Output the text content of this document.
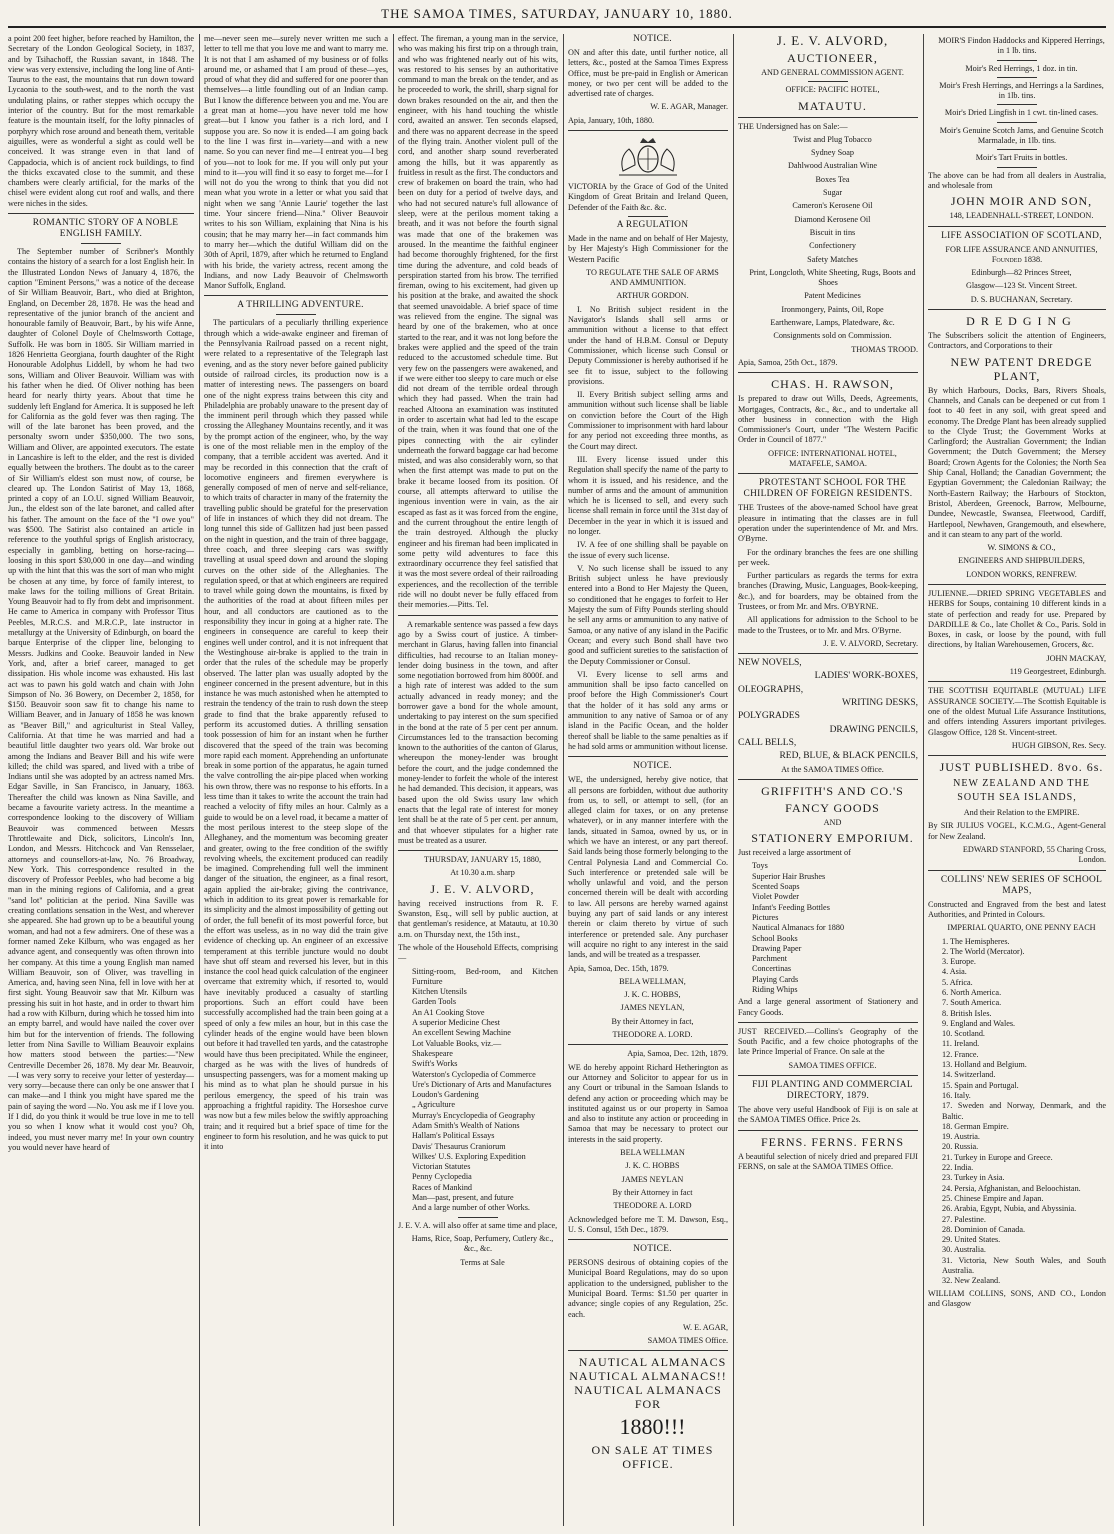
THE SAMOA TIMES, SATURDAY, JANUARY 10, 1880.

a point 200 feet higher, before reached by Hamilton, the Secretary of the London Geological Society, in 1837, and by Tsihachoff, the Russian savant, in 1848. The view was very extensive, including the long line of Anti-Taurus to the east, the mountains that run down toward Lycaonia to the south-west, and to the north the vast undulating plains, or rather steppes which occupy the interior of the country. But for the most remarkable feature is the mountain itself, for the lofty pinnacles of porphyry which rose around and beneath them, veritable aiguilles, were as wonderful a sight as could well be conceived. It was strange even in that land of Cappadocia, which is of ancient rock buildings, to find the thicks excavated close to the summit, and these chambers were clearly artificial, for the marks of the chisel were evident along cut roof and walls, and there were niches in the sides.

ROMANTIC STORY OF A NOBLE ENGLISH FAMILY.

The September number of Scribner's Monthly contains the history of a search for a lost English heir. In the Illustrated London News of January 4, 1876, the caption "Eminent Persons," was a notice of the decease of Sir William Beauvoir, Bart., who died at Brighton, England, on December 28, 1878. He was the head and representative of the junior branch of the ancient and honourable family of Beauvoir, Bart., by his wife Anne, daughter of Colonel Doyle of Chelmsworth Cottage, Suffolk. He was born in 1805. Sir William married in 1826 Henrietta Georgiana, fourth daughter of the Right Honourable Adolphus Liddell, by whom he had two sons, William and Oliver Beauvoir. William was with his father when he died. Of Oliver nothing has been heard for nearly thirty years. About that time he suddenly left England for America. It is supposed he left for California as the gold fever was then raging. The will of the late baronet has been proved, and the personalty sworn under $350,000. The two sons, William and Oliver, are appointed executors. The estate in Lancashire is left to the elder, and the rest is divided equally between the brothers. The doubt as to the career of Sir William's eldest son must now, of course, be cleared up. The London Satirist of May 13, 1868, printed a copy of an I.O.U. signed William Beauvoir, Jun., the eldest son of the late baronet, and called after his father. The amount on the face of the "I owe you" was $500. The Satirist also contained an article in reference to the youthful sprigs of English aristocracy, especially in gambling, betting on horse-racing—loosing in this sport $30,000 in one day—and winding up with the hint that this was the sort of man who might be chosen at any time, by force of family interest, to make laws for the toiling millions of Great Britain. Young Beauvoir had to fly from debt and imprisonment. He came to America in company with Professor Titus Peebles, M.R.C.S. and M.R.C.P., late instructor in metallurgy at the University of Edinburgh, on board the barque Enterprise of the clipper line, belonging to Messrs. Judkins and Cooke. Beauvoir landed in New York, and, after a brief career, managed to get dissipation. His whole income was exhausted. His last act was to pawn his gold watch and chain with John Simpson of No. 36 Bowery, on December 2, 1858, for $150. Beauvoir soon saw fit to change his name to William Beaver, and in January of 1858 he was known as "Beaver Bill," and agriculturist in Steal Valley, California. At that time he was married and had a beautiful little daughter two years old. War broke out among the Indians and Beaver Bill and his wife were killed; the child was spared, and lived with a tribe of Indians until she was adopted by an actress named Mrs. Edgar Saville, in San Francisco, in January, 1863. Thereafter the child was known as Nina Saville, and became a favourite variety actress. In the meantime a correspondence looking to the discovery of William Beauvoir was commenced between Messrs Throttlewaite and Dick, solicitors, Lincoln's Inn, London, and Messrs. Hitchcock and Van Rensselaer, attorneys and counsellors-at-law, No. 76 Broadway, New York. This correspondence resulted in the discovery of Professor Peebles, who had become a big man in the mining regions of California, and a great "sand lot" politician at the period. Nina Saville was creating contlations sensation in the West, and wherever she appeared. She had grown up to be a beautiful young woman, and had not a few admirers. One of these was a former named Zeke Kilburn, who was engaged as her advance agent, and consequently was often thrown into her company. At this time a young English man named William Beauvoir, son of Oliver, was travelling in America, and, having seen Nina, fell in love with her at first sight. Young Beauvoir saw that Mr. Kilburn was pressing his suit in hot haste, and in order to thwart him had a row with Kilburn, during which he tossed him into an empty barrel, and would have nailed the cover over him but for the intervention of friends. The following letter from Nina Saville to William Beauvoir explains how matters stood between the parties:—"New Centreville December 26, 1878. My dear Mr. Beauvoir,—I was very sorry to receive your letter of yesterday—very sorry—because there can only be one answer that I can make—and I think you might have spared me the pain of saying the word —No. You ask me if I love you. If I did, do you think it would be true love in me to tell you so when I know what it would cost you? Oh, indeed, you must never marry me! In your own country you would never have heard of

me—never seen me—surely never written me such a letter to tell me that you love me and want to marry me. It is not that I am ashamed of my business or of folks around me, or ashamed that I am proud of these—yes, proud of what they did and suffered for one poorer than themselves—a little foundling out of an Indian camp. But I know the difference between you and me. You are a great man at home—you have never told me how great—but I know you father is a rich lord, and I suppose you are. So now it is ended—I am going back to the line I was first in—variety—and with a new name. So you can never find me—I entreat you—I beg of you—not to look for me. If you will only put your mind to it—you will find it so easy to forget me—for I will not do you the wrong to think that you did not mean what you wrote in a letter or what you said that night when we sang 'Annie Laurie' together the last time. Your sincere friend—Nina." Oliver Beauvoir writes to his son William, explaining that Nina is his cousin; that he may marry her—in fact commands him to marry her—which the dutiful William did on the 30th of April, 1879, after which he returned to England with his bride, the variety actress, recent among the Indians, and now Lady Beauvoir of Chelmsworth Manor Suffolk, England.

A THRILLING ADVENTURE.

The particulars of a peculiarly thrilling experience through which a wide-awake engineer and fireman of the Pennsylvania Railroad passed on a recent night, were related to a representative of the Telegraph last evening, and as the story never before gained publicity outside of railroad circles, its production now is a matter of interesting news. The passengers on board one of the night express trains between this city and Philadelphia are probably unaware to the present day of the imminent peril through which they passed while crossing the Alleghaney Mountains recently, and it was by the prompt action of the engineer, who, by the way is one of the most reliable men in the employ of the company, that a terrible accident was averted. And it may be recorded in this connection that the craft of locomotive engineers and firemen everywhere is generally composed of men of nerve and self-reliance, to which traits of character in many of the fraternity the travelling public should be grateful for the preservation of life in instances of which they did not dream. The long tunnel this side of Gallitzen had just been passed on the night in question, and the train of three baggage, three coach, and three sleeping cars was swiftly travelling at usual speed down and around the sloping curves on the other side of the Alleghanies. The regulation speed, or that at which engineers are required to travel while going down the mountains, is fixed by the authorities of the road at about fifteen miles per hour, and all conductors are cautioned as to the responsibility they incur in going at a higher rate. The engineers in consequence are careful to keep their engines well under control, and it is not infrequent that the Westinghouse air-brake is applied to the train in order that the rules of the schedule may be properly observed. The latter plan was usually adopted by the engineer concerned in the present adventure, but in this instance he was much astonished when he attempted to restrain the tendency of the train to rush down the steep grade to find that the brake apparently refused to perform its accustomed duties. A thrilling sensation took possession of him for an instant when he further discovered that the speed of the train was becoming more rapid each moment. Apprehending an unfortunate break in some portion of the apparatus, he again turned the valve controlling the air-pipe placed when working his own throw, there was no response to his efforts. In a less time than it takes to write the account the train had reached a velocity of fifty miles an hour. Calmly as a guide to would be on a level road, it became a matter of the most perilous interest to the steep slope of the Alleghaney, and the momentum was becoming greater and greater, owing to the free condition of the swiftly revolving wheels, the excitement produced can readily be imagined. Comprehending full well the imminent danger of the situation, the engineer, as a final resort, again applied the air-brake; giving the contrivance, which in addition to its great power is remarkable for its simplicity and the almost impossibility of getting out of order, the full benefit of its most powerful force, but the effort was useless, as in no way did the train give evidence of checking up. An engineer of an excessive temperament at this terrible juncture would no doubt have shut off steam and reversed his lever, but in this instance the cool head quick calculation of the engineer overcame that extremity which, if resorted to, would have inevitably produced a casualty of startling proportions. Such an effort could have been successfully accomplished had the train been going at a speed of only a few miles an hour, but in this case the cylinder heads of the engine would have been blown out before it had travelled ten yards, and the catastrophe would have thus been precipitated. While the engineer, charged as he was with the lives of hundreds of unsuspecting passengers, was for a moment making up his mind as to what plan he should pursue in his perilous emergency, the speed of his train was approaching a frightful rapidity. The Horseshoe curve was now but a few miles below the swiftly approaching train; and it required but a brief space of time for the engineer to form his resolution, and he was quick to put it into

effect. The fireman, a young man in the service, who was making his first trip on a through train, and who was frightened nearly out of his wits, was restored to his senses by an authoritative command to man the break on the tender, and as he proceeded to work, the shrill, sharp signal for down brakes resounded on the air, and then the engineer, with his hand touching the whistle cord, awaited an answer. Ten seconds elapsed, and there was no apparent decrease in the speed of the flying train. Another violent pull of the cord, and another sharp sound reverberated among the hills, but it was apparently as fruitless in result as the first. The conductors and crew of brakemen on board the train, who had been on duty for a period of twelve days, and who had not secured nature's full allowance of sleep, were at the perilous moment taking a breath, and it was not before the fourth signal was made that one of the brakemen was aroused. In the meantime the faithful engineer had become thoroughly frightened, for the first time during the adventure, and cold beads of perspiration started from his brow. The terrified fireman, owing to his excitement, had given up his position at the brake, and awaited the shock that seemed unavoidable. A brief space of time was relieved from the engine. The signal was heard by one of the brakemen, who at once started to the rear, and it was not long before the brakes were applied and the speed of the train reduced to the accustomed schedule time. But very few on the passengers were awakened, and if we were either too sleepy to care much or else did not dream of the terrible ordeal through which they had passed. When the train had reached Altoona an examination was instituted in order to ascertain what had led to the escape of the train, when it was found that one of the pipes connecting with the air cylinder underneath the forward baggage car had become misted, and was also considerably worn, so that when the first attempt was made to put on the brake it became loosed from its position. Of course, all attempts afterward to utilise the ingenious invention were in vain, as the air escaped as fast as it was forced from the engine, and the current throughout the entire length of the train destroyed. Although the plucky engineer and his fireman had been implicated in some petty wild adventures to face this extraordinary occurrence they feel satisfied that it was the most severe ordeal of their railroading experiences, and the recollection of the terrible ride will no doubt never be fully effaced from their memories.—Pitts. Tel.

A remarkable sentence was passed a few days ago by a Swiss court of justice. A timber-merchant in Glarus, having fallen into financial difficulties, had recourse to an Italian money-lender doing business in the town, and after some negotiation borrowed from him 8000f. and a high rate of interest was added to the sum actually advanced in ready money; and the borrower gave a bond for the whole amount, undertaking to pay interest on the sum specified in the bond at the rate of 5 per cent per annum. Circumstances led to the transaction becoming known to the authorities of the canton of Glarus, whereupon the money-lender was brought before the court, and the judge condemned the money-lender to forfeit the whole of the interest he had demanded. This decision, it appears, was based upon the old Swiss usury law which enacts that the legal rate of interest for money lent shall be at the rate of 5 per cent. per annum, and that whoever stipulates for a higher rate must be treated as a usurer.

THURSDAY, JANUARY 15, 1880,

At 10.30 a.m. sharp

J. E. V. ALVORD,

having received instructions from R. F. Swanston, Esq., will sell by public auction, at that gentleman's residence, at Matautu, at 10.30 a.m. on Thursday next, the 15th inst.,

The whole of the Household Effects, comprising—

Sitting-room, Bed-room, and Kitchen Furniture
Kitchen Utensils
Garden Tools
An A1 Cooking Stove
A superior Medicine Chest
An excellent Sewing Machine
Lot Valuable Books, viz.—
Shakespeare
Swift's Works
Waterston's Cyclopedia of Commerce
Ure's Dictionary of Arts and Manufactures
Loudon's Gardening
„ Agriculture
Murray's Encyclopedia of Geography
Adam Smith's Wealth of Nations
Hallam's Political Essays
Davis' Thesaurus Craniorum
Wilkes' U.S. Exploring Expedition
Victorian Statutes
Penny Cyclopedia
Races of Mankind
Man—past, present, and future
And a large number of other Works.

J. E. V. A. will also offer at same time and place,

Hams, Rice, Soap, Perfumery, Cutlery &c., &c., &c.

Terms at Sale

NOTICE.

ON and after this date, until further notice, all letters, &c., posted at the Samoa Times Express Office, must be pre-paid in English or American money, or two per cent will be added to the advertised rate of charges.

W. E. AGAR, Manager.

Apia, January, 10th, 1880.

VICTORIA by the Grace of God of the United Kingdom of Great Britain and Ireland Queen, Defender of the Faith &c. &c.

A REGULATION

Made in the name and on behalf of Her Majesty, by Her Majesty's High Commissioner for the Western Pacific

TO REGULATE THE SALE OF ARMS AND AMMUNITION.

ARTHUR GORDON.

I. No British subject resident in the Navigator's Islands shall sell arms or ammunition without a license to that effect under the hand of H.B.M. Consul or Deputy Commissioner, which license such Consul or Deputy Commissioner is hereby authorised if he see fit to issue, subject to the following provisions.

II. Every British subject selling arms and ammunition without such license shall be liable on conviction before the Court of the High Commissioner to imprisonment with hard labour for any period not exceeding three months, as the Court may direct.

III. Every license issued under this Regulation shall specify the name of the party to whom it is issued, and his residence, and the number of arms and the amount of ammunition which he is licensed to sell, and every such license shall remain in force until the 31st day of December in the year in which it is issued and no longer.

IV. A fee of one shilling shall be payable on the issue of every such license.

V. No such license shall be issued to any British subject unless he have previously entered into a Bond to Her Majesty the Queen, so conditioned that he engages to forfeit to Her Majesty the sum of Fifty Pounds sterling should he sell any arms or ammunition to any native of Samoa, or any native of any island in the Pacific Ocean; and every such Bond shall have two good and sufficient sureties to the satisfaction of the Deputy Commissioner or Consul.

VI. Every license to sell arms and ammunition shall be ipso facto cancelled on proof before the High Commissioner's Court that the holder of it has sold any arms or ammunition to any native of Samoa or of any island in the Pacific Ocean, and the holder thereof shall be liable to the same penalties as if he had sold arms or ammunition without license.

NOTICE.

WE, the undersigned, hereby give notice, that all persons are forbidden, without due authority from us, to sell, or attempt to sell, (for an alleged claim for taxes, or on any pretense whatever), or in any manner interfere with the lands, situated in Samoa, owned by us, or in which we have an interest, or any part thereof. Said lands being those formerly belonging to the Central Polynesia Land and Commercial Co. Such interference or pretended sale will be wholly unlawful and void, and the person concerned therein will be dealt with according to law. All persons are hereby warned against buying any part of said lands or any interest therein or claim thereto by virtue of such interference or pretended sale. Any purchaser will acquire no right to any interest in the said lands, and will be treated as a trespasser.

Apia, Samoa, Dec. 15th, 1879.

BELA WELLMAN,

J. K. C. HOBBS,

JAMES NEYLAN,

By their Attorney in fact,

THEODORE A. LORD.

Apia, Samoa, Dec. 12th, 1879.

WE do hereby appoint Richard Hetherington as our Attorney and Solicitor to appear for us in any Court or tribunal in the Samoan Islands to defend any action or proceeding which may be instituted against us or our property in Samoa and also to institute any action or proceeding in Samoa that may be necessary to protect our interests in the said property.

BELA WELLMAN

J. K. C. HOBBS

JAMES NEYLAN

By their Attorney in fact

THEODORE A. LORD

Acknowledged before me T. M. Dawson, Esq., U. S. Consul, 15th Dec., 1879.

NOTICE.

PERSONS desirous of obtaining copies of the Municipal Board Regulations, may do so upon application to the undersigned, publisher to the Municipal Board. Terms: $1.50 per quarter in advance; single copies of any Regulation, 25c. each.

W. E. AGAR,

SAMOA TIMES Office.

NAUTICAL ALMANACS NAUTICAL ALMANACS!! NAUTICAL ALMANACS FOR

1880!!!

ON SALE AT TIMES OFFICE.

J. E. V. ALVORD,

AUCTIONEER,

AND GENERAL COMMISSION AGENT.

OFFICE: PACIFIC HOTEL,

MATAUTU.

THE Undersigned has on Sale:—

Twist and Plug Tobacco

Sydney Soap

Dahlwood Australian Wine

Boxes Tea

Sugar

Cameron's Kerosene Oil

Diamond Kerosene Oil

Biscuit in tins

Confectionery

Safety Matches

Print, Longcloth, White Sheeting, Rugs, Boots and Shoes

Patent Medicines

Ironmongery, Paints, Oil, Rope

Earthenware, Lamps, Platedware, &c.

Consignments sold on Commission.

THOMAS TROOD.

Apia, Samoa, 25th Oct., 1879.

CHAS. H. RAWSON,

Is prepared to draw out Wills, Deeds, Agreements, Mortgages, Contracts, &c., &c., and to undertake all other business in connection with the High Commissioner's Court, under "The Western Pacific Order in Council of 1877."

OFFICE: INTERNATIONAL HOTEL, MATAFELE, SAMOA.

PROTESTANT SCHOOL FOR THE CHILDREN OF FOREIGN RESIDENTS.

THE Trustees of the above-named School have great pleasure in intimating that the classes are in full operation under the superintendence of Mr. and Mrs. O'Byrne.

For the ordinary branches the fees are one shilling per week.

Further particulars as regards the terms for extra branches (Drawing, Music, Languages, Book-keeping, &c.), and for boarders, may be obtained from the Trustees, or from Mr. and Mrs. O'BYRNE.

All applications for admission to the School to be made to the Trustees, or to Mr. and Mrs. O'Byrne.

J. E. V. ALVORD, Secretary.

NEW NOVELS,

LADIES' WORK-BOXES,

OLEOGRAPHS,

WRITING DESKS,

POLYGRADES

DRAWING PENCILS,

CALL BELLS,

RED, BLUE, & BLACK PENCILS,

At the SAMOA TIMES Office.

GRIFFITH'S AND CO.'S

FANCY GOODS

AND

STATIONERY EMPORIUM.

Just received a large assortment of

Toys
Superior Hair Brushes
Scented Soaps
Violet Powder
Infant's Feeding Bottles
Pictures
Nautical Almanacs for 1880
School Books
Drawing Paper
Parchment
Concertinas
Playing Cards
Riding Whips

And a large general assortment of Stationery and Fancy Goods.

JUST RECEIVED.—Collins's Geography of the South Pacific, and a few choice photographs of the late Prince Imperial of France. On sale at the

SAMOA TIMES OFFICE.

FIJI PLANTING AND COMMERCIAL DIRECTORY, 1879.

The above very useful Handbook of Fiji is on sale at the SAMOA TIMES Office. Price 2s.

FERNS. FERNS. FERNS

A beautiful selection of nicely dried and prepared FIJI FERNS, on sale at the SAMOA TIMES Office.

MOIR'S Findon Haddocks and Kippered Herrings, in 1 lb. tins.

Moir's Red Herrings, 1 doz. in tin.

Moir's Fresh Herrings, and Herrings a la Sardines, in 1lb. tins.

Moir's Dried Lingfish in 1 cwt. tin-lined cases.

Moir's Genuine Scotch Jams, and Genuine Scotch Marmalade, in 1lb. tins.

Moir's Tart Fruits in bottles.

The above can be had from all dealers in Australia, and wholesale from

JOHN MOIR AND SON,

148, LEADENHALL-STREET, LONDON.

LIFE ASSOCIATION OF SCOTLAND,

FOR LIFE ASSURANCE AND ANNUITIES, Founded 1838.

Edinburgh—82 Princes Street,

Glasgow—123 St. Vincent Street.

D. S. BUCHANAN, Secretary.

DREDGING

The Subscribers solicit the attention of Engineers, Contractors, and Corporations to their

NEW PATENT DREDGE PLANT,

By which Harbours, Docks, Bars, Rivers Shoals, Channels, and Canals can be deepened or cut from 1 foot to 40 feet in any soil, with great speed and economy. The Dredge Plant has been already supplied to the Clyde Trust; the Government Works at Carlingford; the Australian Government; the Indian Government; the Dutch Government; the Mersey Board; Crown Agents for the Colonies; the North Sea Ship Canal, Holland; the Canadian Government; the Egyptian Government; the Caledonian Railway; the North-Eastern Railway; the Harbours of Stockton, Bristol, Aberdeen, Greenock, Barrow, Melbourne, Dundee, Newcastle, Swansea, Fleetwood, Cardiff, Hartlepool, Newhaven, Grangemouth, and elsewhere, and it can steam to any part of the world.

W. SIMONS & CO.,

ENGINEERS AND SHIPBUILDERS,

LONDON WORKS, RENFREW.

JULIENNE.—DRIED SPRING VEGETABLES and HERBS for Soups, containing 10 different kinds in a state of perfection and ready for use. Prepared by DARDILLE & Co., late Chollet & Co., Paris. Sold in Boxes, in cask, or loose by the pound, with full directions, by Italian Warehousemen, Grocers, &c.

JOHN MACKAY,

119 Georgestreet, Edinburgh.

THE SCOTTISH EQUITABLE (MUTUAL) LIFE ASSURANCE SOCIETY.—The Scottish Equitable is one of the oldest Mutual Life Assurance Institutions, and offers intending Assurers important privileges. Glasgow Office, 128 St. Vincent-street.

HUGH GIBSON, Res. Secy.

JUST PUBLISHED. 8vo. 6s.

NEW ZEALAND AND THE SOUTH SEA ISLANDS,

And their Relation to the EMPIRE.

By SIR JULIUS VOGEL, K.C.M.G., Agent-General for New Zealand.

EDWARD STANFORD, 55 Charing Cross, London.

COLLINS' NEW SERIES OF SCHOOL MAPS,

Constructed and Engraved from the best and latest Authorities, and Printed in Colours.

IMPERIAL QUARTO, ONE PENNY EACH

1. The Hemispheres.
2. The World (Mercator).
3. Europe.
4. Asia.
5. Africa.
6. North America.
7. South America.
8. British Isles.
9. England and Wales.
10. Scotland.
11. Ireland.
12. France.
13. Holland and Belgium.
14. Switzerland.
15. Spain and Portugal.
16. Italy.
17. Sweden and Norway, Denmark, and the Baltic.
18. German Empire.
19. Austria.
20. Russia.
21. Turkey in Europe and Greece.
22. India.
23. Turkey in Asia.
24. Persia, Afghanistan, and Beloochistan.
25. Chinese Empire and Japan.
26. Arabia, Egypt, Nubia, and Abyssinia.
27. Palestine.
28. Dominion of Canada.
29. United States.
30. Australia.
31. Victoria, New South Wales, and South Australia.
32. New Zealand.

WILLIAM COLLINS, SONS, AND CO., London and Glasgow
